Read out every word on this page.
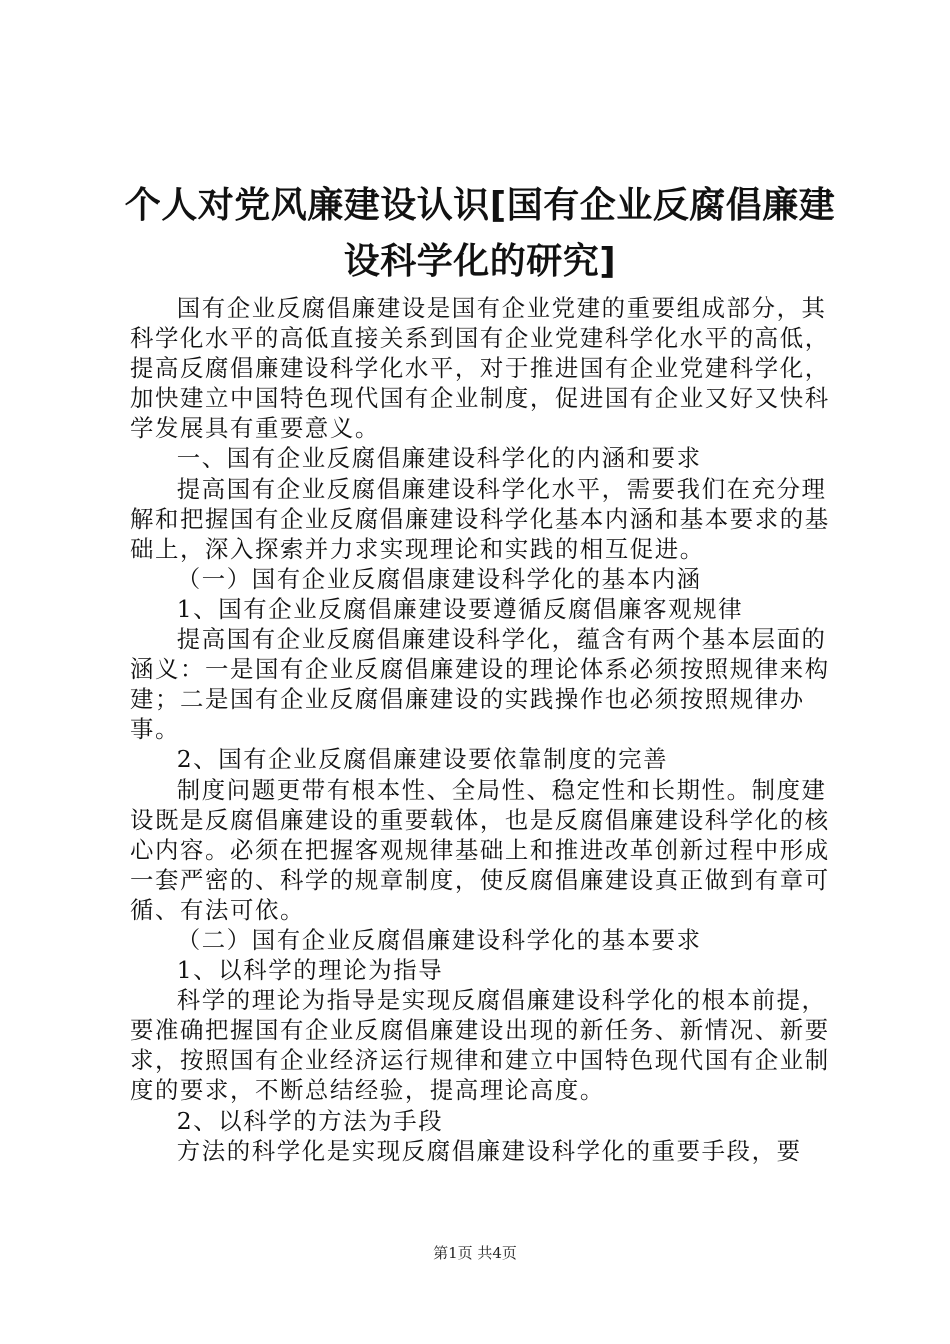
个人对党风廉建设认识[国有企业反腐倡廉建设科学化的研究]

国有企业反腐倡廉建设是国有企业党建的重要组成部分，其科学化水平的高低直接关系到国有企业党建科学化水平的高低，提高反腐倡廉建设科学化水平，对于推进国有企业党建科学化，加快建立中国特色现代国有企业制度，促进国有企业又好又快科学发展具有重要意义。

一、国有企业反腐倡廉建设科学化的内涵和要求

提高国有企业反腐倡廉建设科学化水平，需要我们在充分理解和把握国有企业反腐倡廉建设科学化基本内涵和基本要求的基础上，深入探索并力求实现理论和实践的相互促进。

（一）国有企业反腐倡康建设科学化的基本内涵

1、国有企业反腐倡廉建设要遵循反腐倡廉客观规律

提高国有企业反腐倡廉建设科学化，蕴含有两个基本层面的涵义：一是国有企业反腐倡廉建设的理论体系必须按照规律来构建；二是国有企业反腐倡廉建设的实践操作也必须按照规律办事。

2、国有企业反腐倡廉建设要依靠制度的完善

制度问题更带有根本性、全局性、稳定性和长期性。制度建设既是反腐倡廉建设的重要载体，也是反腐倡廉建设科学化的核心内容。必须在把握客观规律基础上和推进改革创新过程中形成一套严密的、科学的规章制度，使反腐倡廉建设真正做到有章可循、有法可依。

（二）国有企业反腐倡廉建设科学化的基本要求

1、以科学的理论为指导

科学的理论为指导是实现反腐倡廉建设科学化的根本前提，要准确把握国有企业反腐倡廉建设出现的新任务、新情况、新要求，按照国有企业经济运行规律和建立中国特色现代国有企业制度的要求，不断总结经验，提高理论高度。

2、以科学的方法为手段

方法的科学化是实现反腐倡廉建设科学化的重要手段，要

第1页 共4页
